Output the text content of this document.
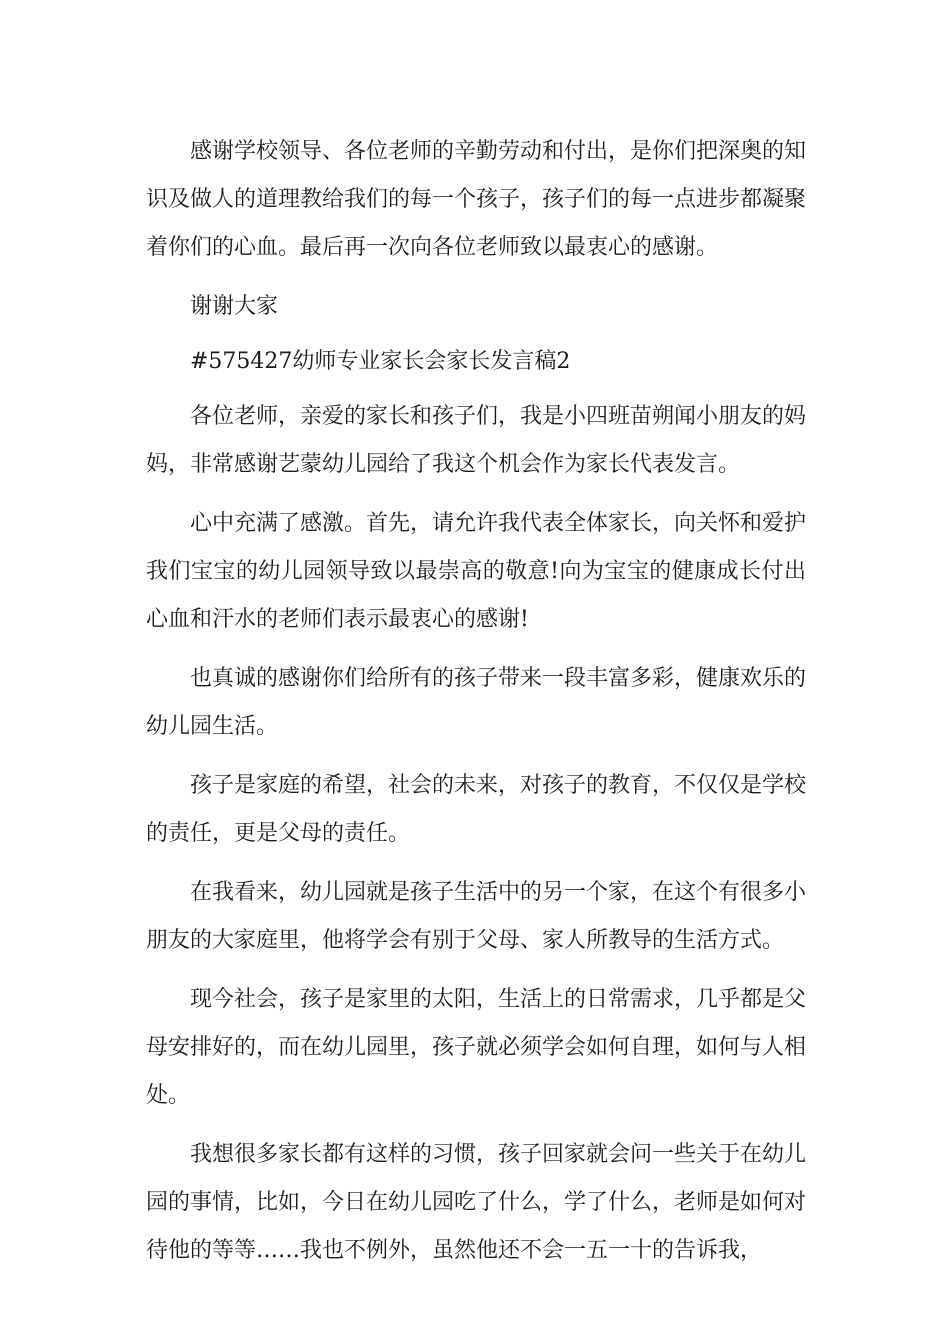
感谢学校领导、各位老师的辛勤劳动和付出，是你们把深奥的知识及做人的道理教给我们的每一个孩子，孩子们的每一点进步都凝聚着你们的心血。最后再一次向各位老师致以最衷心的感谢。

谢谢大家

#575427幼师专业家长会家长发言稿2

各位老师，亲爱的家长和孩子们，我是小四班苗朔闻小朋友的妈妈，非常感谢艺蒙幼儿园给了我这个机会作为家长代表发言。

心中充满了感激。首先，请允许我代表全体家长，向关怀和爱护我们宝宝的幼儿园领导致以最崇高的敬意!向为宝宝的健康成长付出心血和汗水的老师们表示最衷心的感谢!

也真诚的感谢你们给所有的孩子带来一段丰富多彩，健康欢乐的幼儿园生活。

孩子是家庭的希望，社会的未来，对孩子的教育，不仅仅是学校的责任，更是父母的责任。

在我看来，幼儿园就是孩子生活中的另一个家，在这个有很多小朋友的大家庭里，他将学会有别于父母、家人所教导的生活方式。

现今社会，孩子是家里的太阳，生活上的日常需求，几乎都是父母安排好的，而在幼儿园里，孩子就必须学会如何自理，如何与人相处。

我想很多家长都有这样的习惯，孩子回家就会问一些关于在幼儿园的事情，比如，今日在幼儿园吃了什么，学了什么，老师是如何对待他的等等……我也不例外，虽然他还不会一五一十的告诉我，
